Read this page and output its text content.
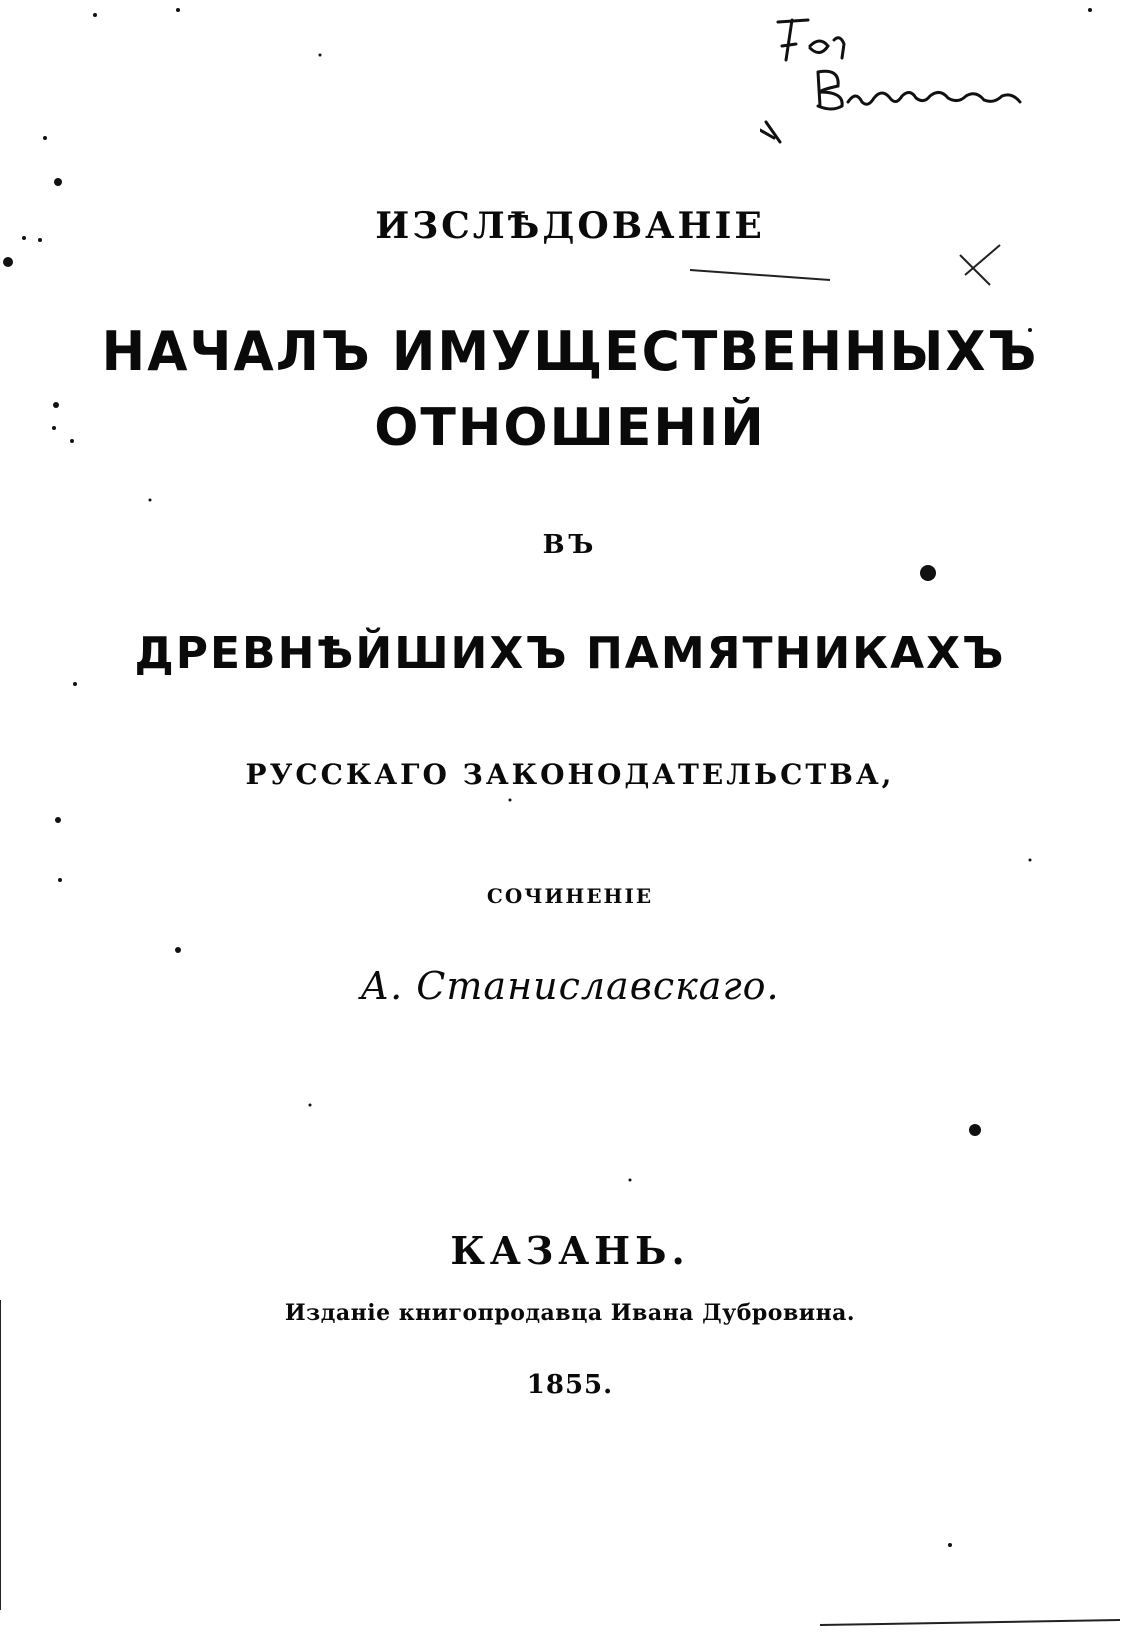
ИЗСЛѢДОВАНІЕ
НАЧАЛЪ ИМУЩЕСТВЕННЫХЪ
ОТНОШЕНІЙ
ВЪ
ДРЕВНѢЙШИХЪ ПАМЯТНИКАХЪ
РУССКАГО ЗАКОНОДАТЕЛЬСТВА,
СОЧИНЕНІЕ
А. Станиславскаго.
КАЗАНЬ.
Изданіе книгопродавца Ивана Дубровина.
1855.
